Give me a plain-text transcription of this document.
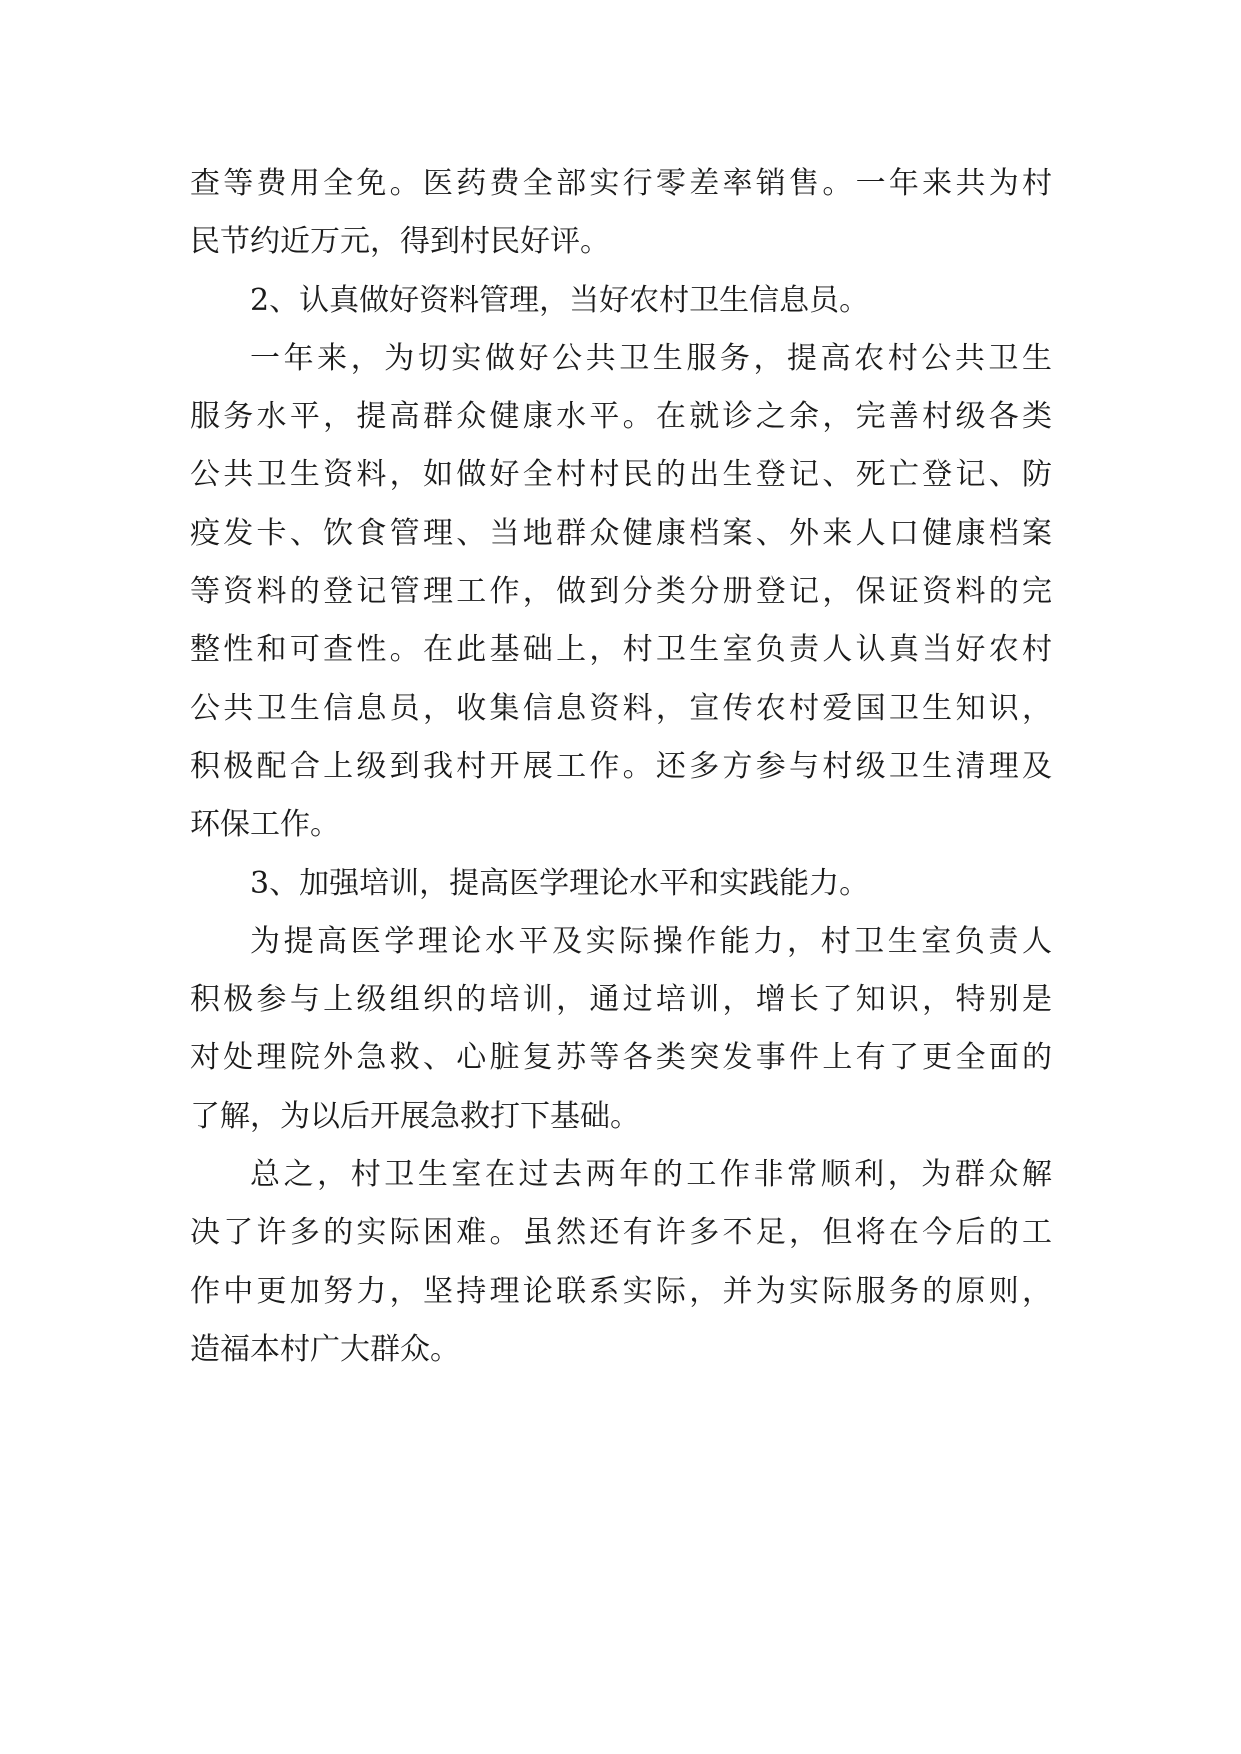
查等费用全免。医药费全部实行零差率销售。一年来共为村
民节约近万元，得到村民好评。
2、认真做好资料管理，当好农村卫生信息员。
一年来，为切实做好公共卫生服务，提高农村公共卫生
服务水平，提高群众健康水平。在就诊之余，完善村级各类
公共卫生资料，如做好全村村民的出生登记、死亡登记、防
疫发卡、饮食管理、当地群众健康档案、外来人口健康档案
等资料的登记管理工作，做到分类分册登记，保证资料的完
整性和可查性。在此基础上，村卫生室负责人认真当好农村
公共卫生信息员，收集信息资料，宣传农村爱国卫生知识，
积极配合上级到我村开展工作。还多方参与村级卫生清理及
环保工作。
3、加强培训，提高医学理论水平和实践能力。
为提高医学理论水平及实际操作能力，村卫生室负责人
积极参与上级组织的培训，通过培训，增长了知识，特别是
对处理院外急救、心脏复苏等各类突发事件上有了更全面的
了解，为以后开展急救打下基础。
总之，村卫生室在过去两年的工作非常顺利，为群众解
决了许多的实际困难。虽然还有许多不足，但将在今后的工
作中更加努力，坚持理论联系实际，并为实际服务的原则，
造福本村广大群众。
